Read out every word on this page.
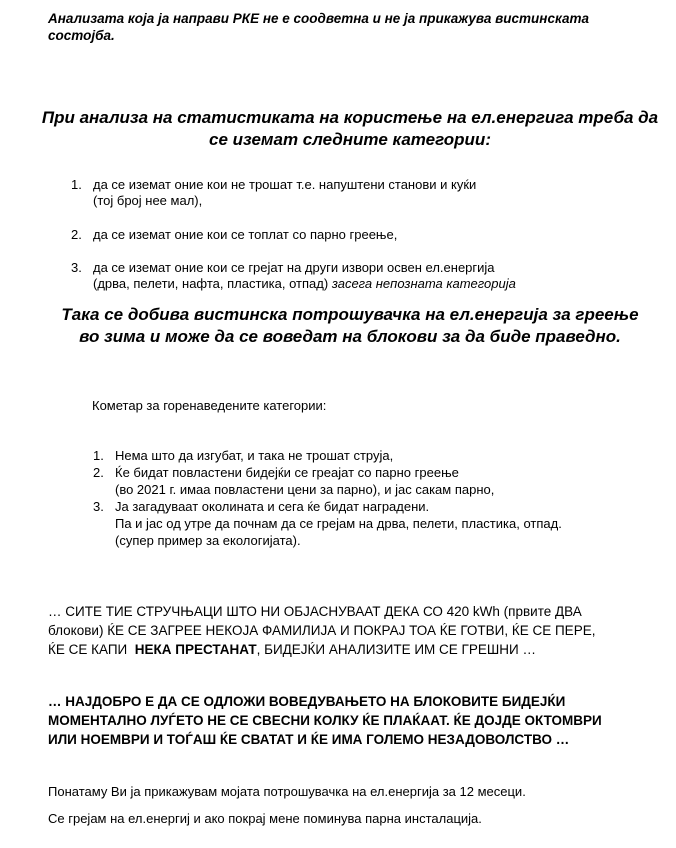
Анализата која ја направи РКЕ не е соодветна и не ја прикажува вистинската состојба.
При анализа на статистиката на користење на ел.енергига треба да
се иземат следните категории:
1. да се иземат оние кои не трошат т.е. напуштени станови и куќи
(тој број нее мал),
2. да се иземат оние кои се топлат со парно греење,
3. да се иземат оние кои се грејат на други извори освен ел.енергија
(дрва, пелети, нафта, пластика, отпад) засега непозната категорија
Така се добива вистинска потрошувачка на ел.енергија за греење
во зима и може да се воведат на блокови за да биде праведно.
Кометар за горенаведените категории:
1. Нема што да изгубат, и така не трошат струја,
2. Ќе бидат повластени бидејќи се греајат со парно греење
(во 2021 г. имаа повластени цени за парно), и јас сакам парно,
3. Ја загадуваат околината и сега ќе бидат наградени.
Па и јас од утре да почнам да се грејам на дрва, пелети, пластика, отпад.
(супер пример за екологијата).
… СИТЕ ТИЕ СТРУЧЊАЦИ ШТО НИ ОБЈАСНУВААТ ДЕКА СО 420 kWh (првите ДВА
блокови) ЌЕ СЕ ЗАГРЕЕ НЕКОЈА ФАМИЛИЈА И ПОКРАЈ ТОА ЌЕ ГОТВИ, ЌЕ СЕ ПЕРЕ,
ЌЕ СЕ КАПИ  НЕКА ПРЕСТАНАТ, БИДЕЈЌИ АНАЛИЗИТЕ ИМ СЕ ГРЕШНИ …
… НАЈДОБРО Е ДА СЕ ОДЛОЖИ ВОВЕДУВАЊЕТО НА БЛОКОВИТЕ БИДЕЈЌИ
МОМЕНТАЛНО ЛУЃЕТО НЕ СЕ СВЕСНИ КОЛКУ ЌЕ ПЛАЌААТ. ЌЕ ДОЈДЕ ОКТОМВРИ
ИЛИ НОЕМВРИ И ТОЃАШ ЌЕ СВАТАТ И ЌЕ ИМА ГОЛЕМО НЕЗАДОВОЛСТВО …
Понатаму Ви ја прикажувам мојата потрошувачка на ел.енергија за 12 месеци.
Се грејам на ел.енергиј и ако покрај мене поминува парна инсталација.
